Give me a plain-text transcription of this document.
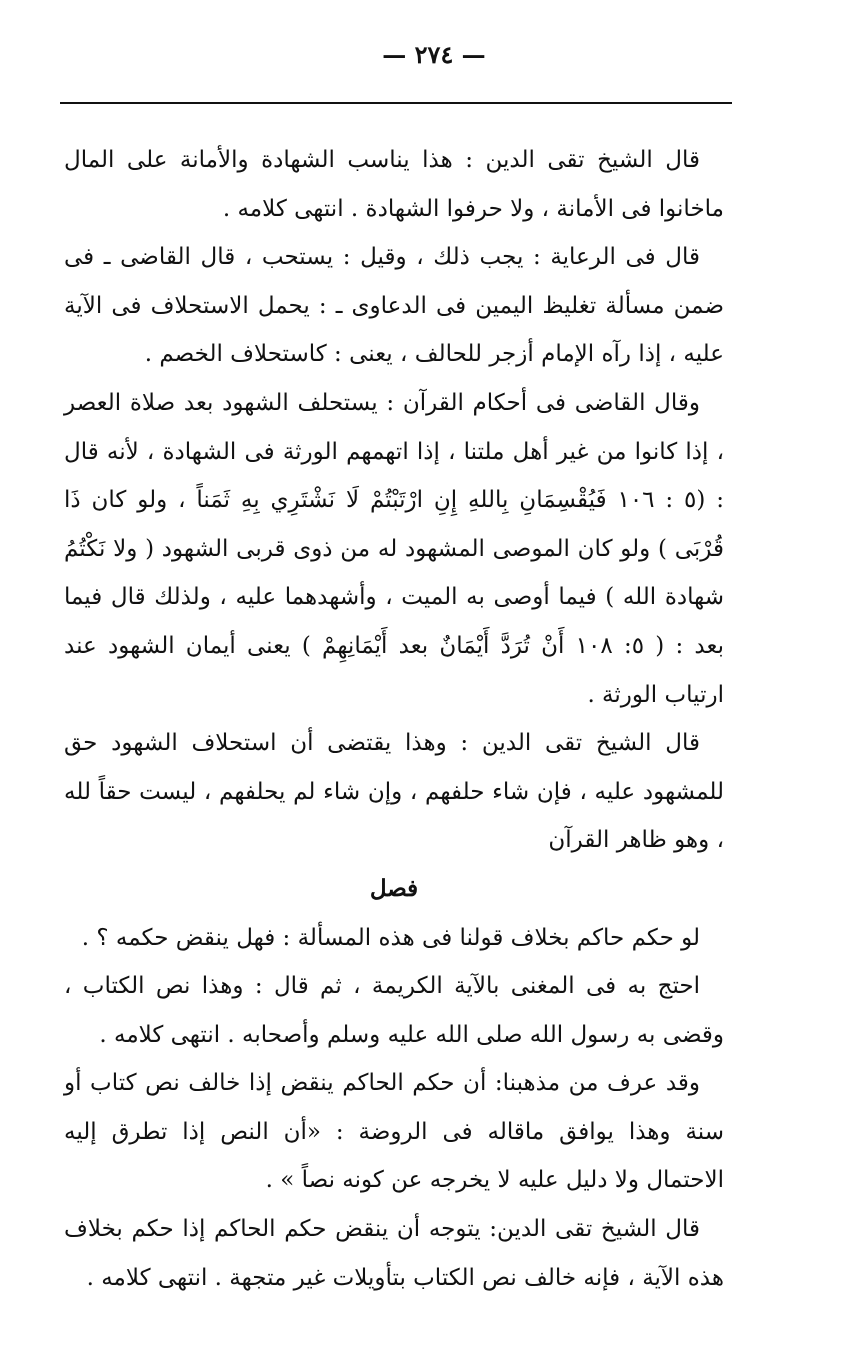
— ٢٧٤ —

قال الشيخ تقى الدين : هذا يناسب الشهادة والأمانة على المال ماخانوا فى الأمانة ، ولا حرفوا الشهادة . انتهى كلامه .

قال فى الرعاية : يجب ذلك ، وقيل : يستحب ، قال القاضى ـ فى ضمن مسألة تغليظ اليمين فى الدعاوى ـ : يحمل الاستحلاف فى الآية عليه ، إذا رآه الإمام أزجر للحالف ، يعنى : كاستحلاف الخصم .

وقال القاضى فى أحكام القرآن : يستحلف الشهود بعد صلاة العصر ، إذا كانوا من غير أهل ملتنا ، إذا اتهمهم الورثة فى الشهادة ، لأنه قال : (٥ : ١٠٦ فَيُقْسِمَانِ بِاللهِ إِنِ ارْتَبْتُمْ لَا نَشْتَرِي بِهِ ثَمَناً ، ولو كان ذَا قُرْبَى ) ولو كان الموصى المشهود له من ذوى قربى الشهود ( ولا نَكْتُمُ شهادة الله ) فيما أوصى به الميت ، وأشهدهما عليه ، ولذلك قال فيما بعد : ( ٥: ١٠٨ أَنْ تُرَدَّ أَيْمَانٌ بعد أَيْمَانِهِمْ ) يعنى أيمان الشهود عند ارتياب الورثة .

قال الشيخ تقى الدين : وهذا يقتضى أن استحلاف الشهود حق للمشهود عليه ، فإن شاء حلفهم ، وإن شاء لم يحلفهم ، ليست حقاً لله ، وهو ظاهر القرآن

فصل

لو حكم حاكم بخلاف قولنا فى هذه المسألة : فهل ينقض حكمه ؟ .

احتج به فى المغنى بالآية الكريمة ، ثم قال : وهذا نص الكتاب ، وقضى به رسول الله صلى الله عليه وسلم وأصحابه . انتهى كلامه .

وقد عرف من مذهبنا: أن حكم الحاكم ينقض إذا خالف نص كتاب أو سنة وهذا يوافق ماقاله فى الروضة : «أن النص إذا تطرق إليه الاحتمال ولا دليل عليه لا يخرجه عن كونه نصاً » .

قال الشيخ تقى الدين: يتوجه أن ينقض حكم الحاكم إذا حكم بخلاف هذه الآية ، فإنه خالف نص الكتاب بتأويلات غير متجهة . انتهى كلامه .
